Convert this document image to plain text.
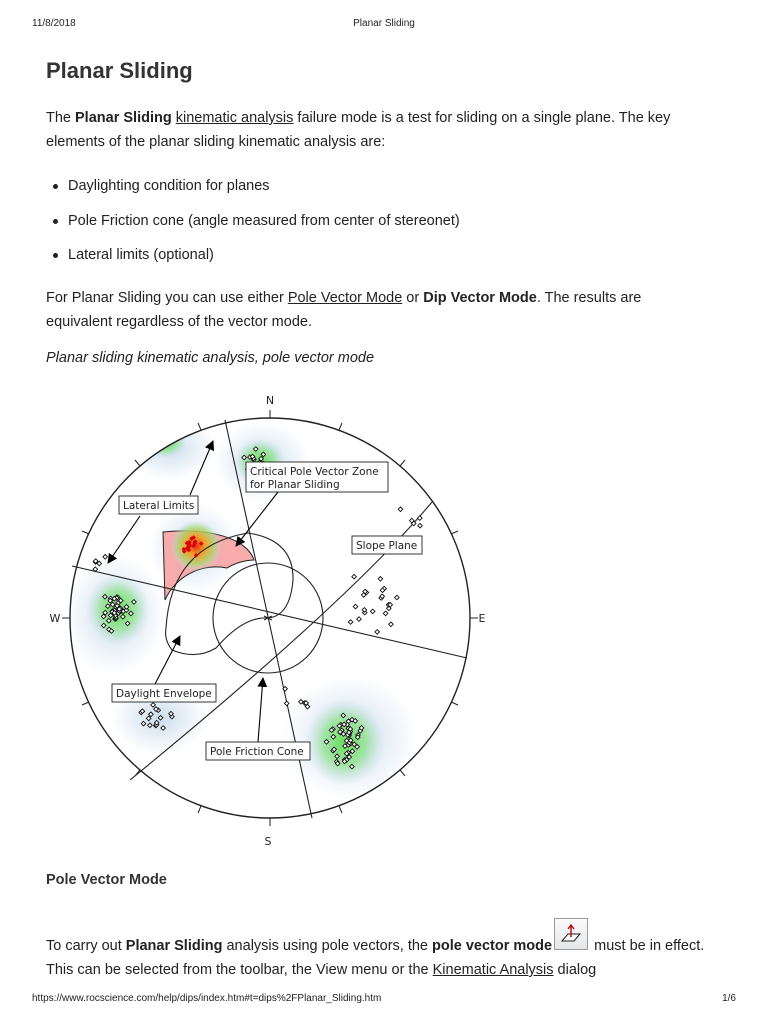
11/8/2018	Planar Sliding
Planar Sliding

The Planar Sliding kinematic analysis failure mode is a test for sliding on a single plane. The key elements of the planar sliding kinematic analysis are:

Daylighting condition for planes
Pole Friction cone (angle measured from center of stereonet)
Lateral limits (optional)

For Planar Sliding you can use either Pole Vector Mode or Dip Vector Mode. The results are equivalent regardless of the vector mode.

Planar sliding kinematic analysis, pole vector mode
N
S
W	E
Critical Pole Vector Zone
for Planar Sliding
Lateral Limits
Slope Plane
Daylight Envelope
Pole Friction Cone
Pole Vector Mode

To carry out Planar Sliding analysis using pole vectors, the pole vector mode	must be in effect. This can be selected from the toolbar, the View menu or the Kinematic Analysis dialog

https://www.rocscience.com/help/dips/index.htm#t=dips%2FPlanar_Sliding.htm	1/6
